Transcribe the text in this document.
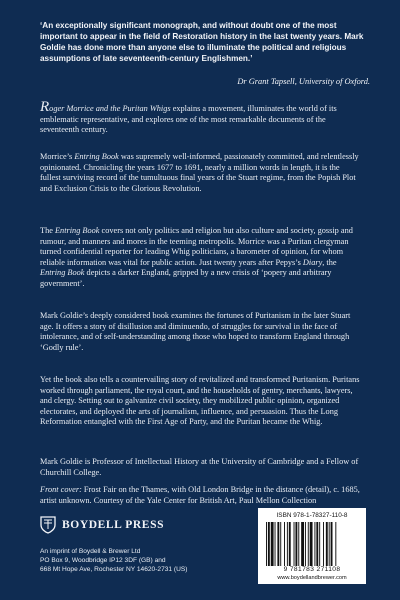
‘An exceptionally significant monograph, and without doubt one of the most important to appear in the field of Restoration history in the last twenty years. Mark Goldie has done more than anyone else to illuminate the political and religious assumptions of late seventeenth-century Englishmen.’
Dr Grant Tapsell, University of Oxford.

Roger Morrice and the Puritan Whigs explains a movement, illuminates the world of its emblematic representative, and explores one of the most remarkable documents of the seventeenth century.

Morrice’s Entring Book was supremely well-informed, passionately committed, and relentlessly opinionated. Chronicling the years 1677 to 1691, nearly a million words in length, it is the fullest surviving record of the tumultuous final years of the Stuart regime, from the Popish Plot and Exclusion Crisis to the Glorious Revolution.

The Entring Book covers not only politics and religion but also culture and society, gossip and rumour, and manners and mores in the teeming metropolis. Morrice was a Puritan clergyman turned confidential reporter for leading Whig politicians, a barometer of opinion, for whom reliable information was vital for public action. Just twenty years after Pepys’s Diary, the Entring Book depicts a darker England, gripped by a new crisis of ‘popery and arbitrary government’.

Mark Goldie’s deeply considered book examines the fortunes of Puritanism in the later Stuart age. It offers a story of disillusion and diminuendo, of struggles for survival in the face of intolerance, and of self-understanding among those who hoped to transform England through ‘Godly rule’.

Yet the book also tells a countervailing story of revitalized and transformed Puritanism. Puritans worked through parliament, the royal court, and the households of gentry, merchants, lawyers, and clergy. Setting out to galvanize civil society, they mobilized public opinion, organized electorates, and deployed the arts of journalism, influence, and persuasion. Thus the Long Reformation entangled with the First Age of Party, and the Puritan became the Whig.

Mark Goldie is Professor of Intellectual History at the University of Cambridge and a Fellow of Churchill College.

Front cover: Frost Fair on the Thames, with Old London Bridge in the distance (detail), c. 1685, artist unknown. Courtesy of the Yale Center for British Art, Paul Mellon Collection

BOYDELL PRESS
An imprint of Boydell & Brewer Ltd
PO Box 9, Woodbridge IP12 3DF (GB) and
668 Mt Hope Ave, Rochester NY 14620-2731 (US)
ISBN 978-1-78327-110-8
9 781783 271108
www.boydellandbrewer.com
